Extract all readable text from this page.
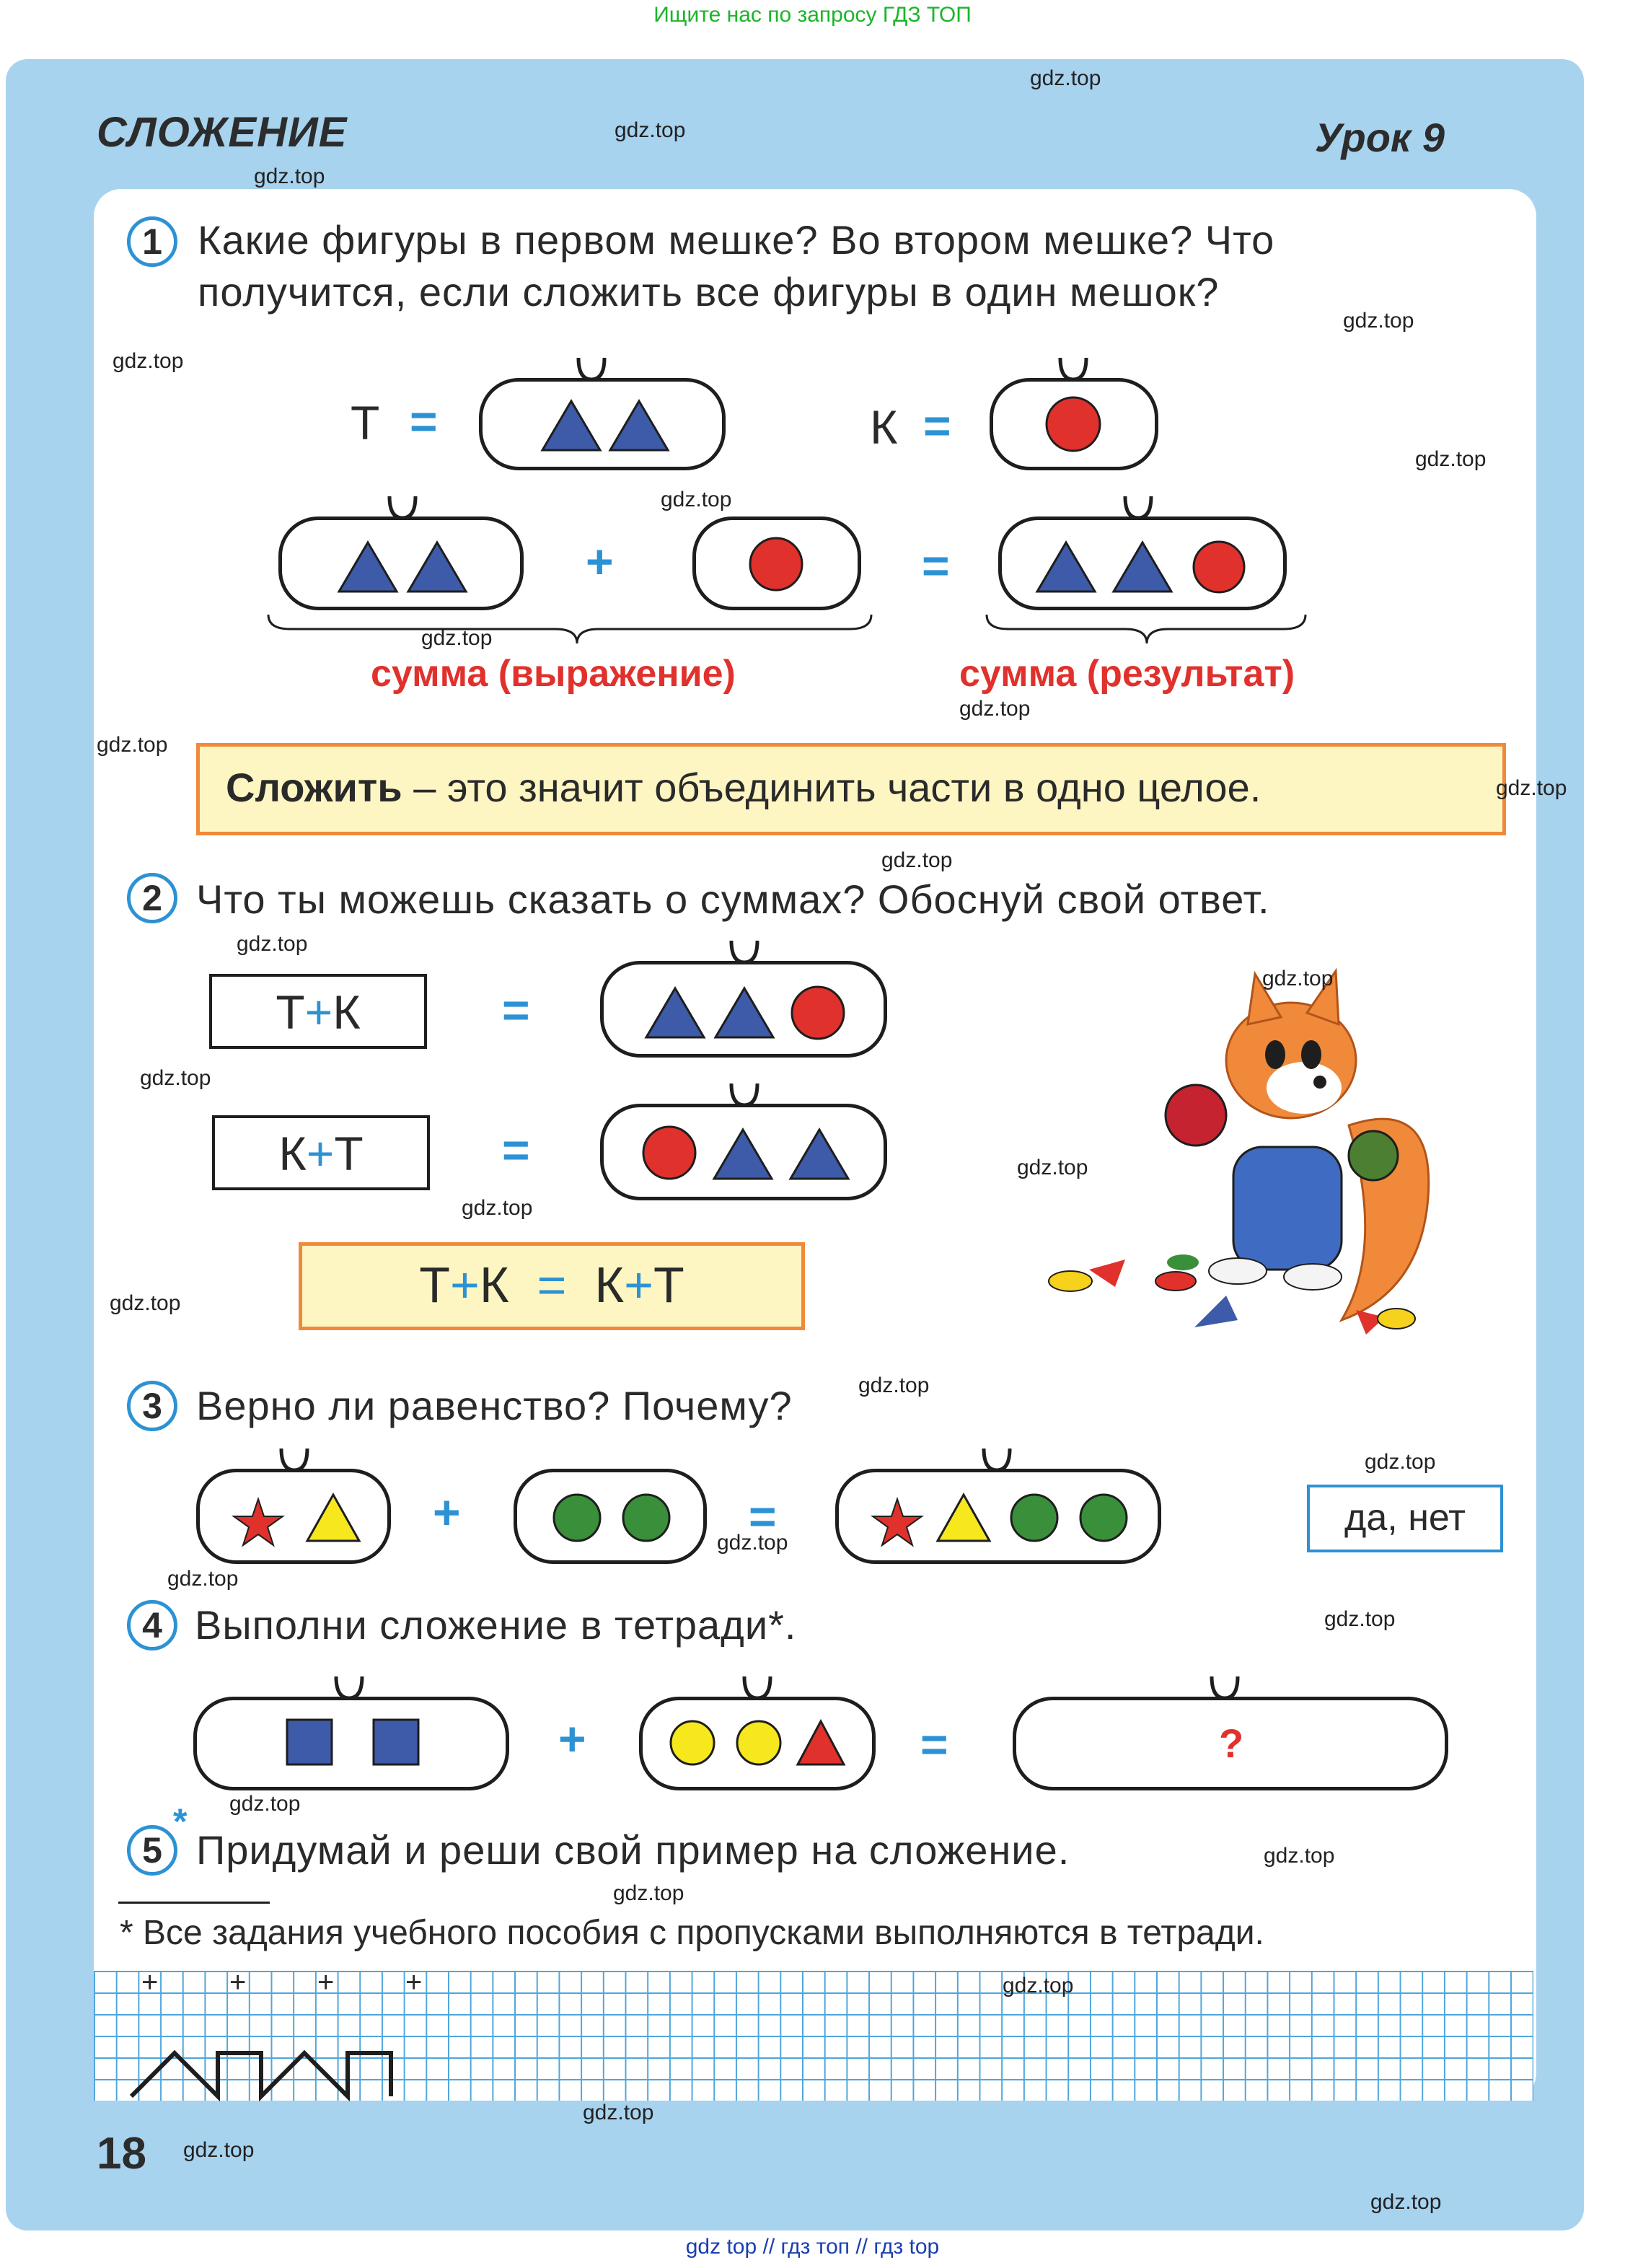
Ищите нас по запросу ГДЗ ТОП
gdz top // гдз топ // гдз top
СЛОЖЕНИЕ	Урок 9
1 Какие фигуры в первом мешке? Во втором мешке? Что
получится, если сложить все фигуры в один мешок?
Т =	К =
+	=
сумма (выражение)	сумма (результат)
Сложить – это значит объединить части в одно целое.
2 Что ты можешь сказать о суммах? Обоснуй свой ответ.
Т+К	=
К+Т	=
Т+К = К+Т
3 Верно ли равенство? Почему?
+	=	да, нет
4 Выполни сложение в тетради*.
+	=	?
5
*
Придумай и реши свой пример на сложение.
* Все задания учебного пособия с пропусками выполняются в тетради.
+ + + +
18
gdz.top
gdz.top
gdz.top
gdz.top
gdz.top
gdz.top
gdz.top
gdz.top
gdz.top
gdz.top
gdz.top
gdz.top
gdz.top
gdz.top
gdz.top
gdz.top
gdz.top
gdz.top
gdz.top
gdz.top
gdz.top
gdz.top
gdz.top
gdz.top
gdz.top
gdz.top
gdz.top
gdz.top
gdz.top
gdz.top
